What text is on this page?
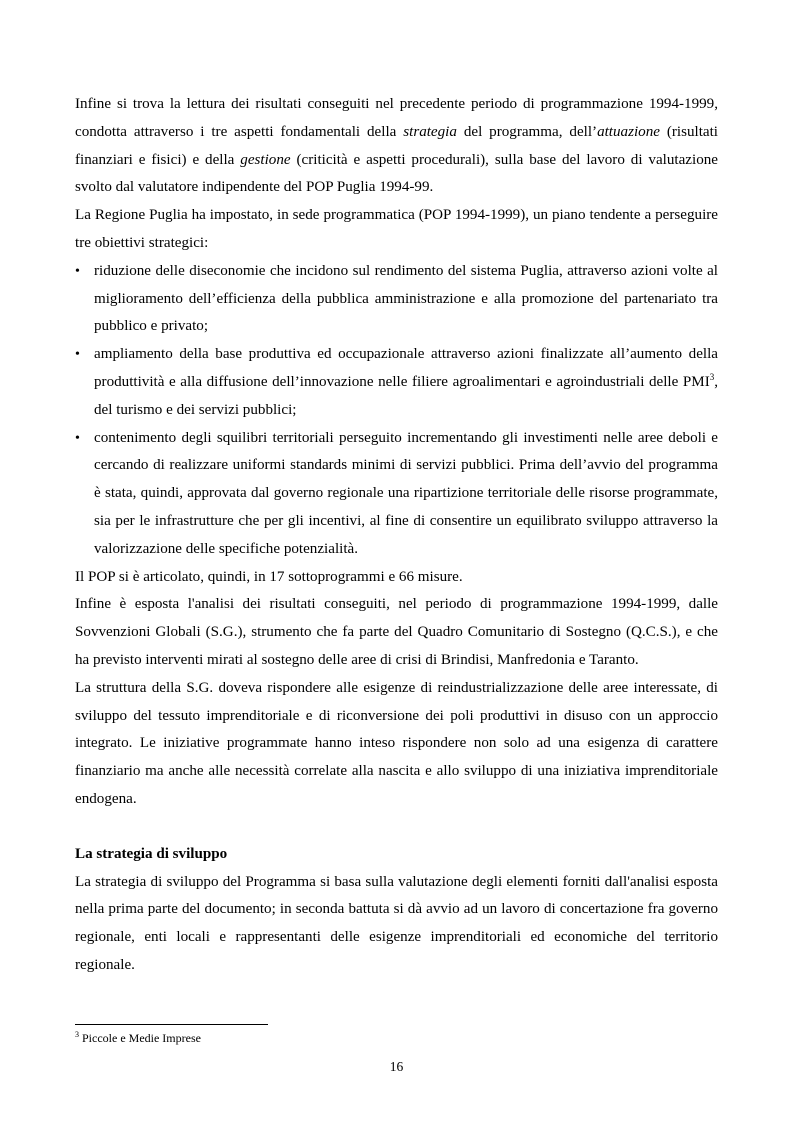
Infine si trova la lettura dei risultati conseguiti nel precedente periodo di programmazione 1994-1999, condotta attraverso i tre aspetti fondamentali della strategia del programma, dell’attuazione (risultati finanziari e fisici) e della gestione (criticità e aspetti procedurali), sulla base del lavoro di valutazione svolto dal valutatore indipendente del POP Puglia 1994-99.

La Regione Puglia ha impostato, in sede programmatica (POP 1994-1999), un piano tendente a perseguire tre obiettivi strategici:

• riduzione delle diseconomie che incidono sul rendimento del sistema Puglia, attraverso azioni volte al miglioramento dell’efficienza della pubblica amministrazione e alla promozione del partenariato tra pubblico e privato;
• ampliamento della base produttiva ed occupazionale attraverso azioni finalizzate all’aumento della produttività e alla diffusione dell’innovazione nelle filiere agroalimentari e agroindustriali delle PMI$^3$, del turismo e dei servizi pubblici;
• contenimento degli squilibri territoriali perseguito incrementando gli investimenti nelle aree deboli e cercando di realizzare uniformi standards minimi di servizi pubblici. Prima dell’avvio del programma è stata, quindi, approvata dal governo regionale una ripartizione territoriale delle risorse programmate, sia per le infrastrutture che per gli incentivi, al fine di consentire un equilibrato sviluppo attraverso la valorizzazione delle specifiche potenzialità.

Il POP si è articolato, quindi, in 17 sottoprogrammi e 66 misure.

Infine è esposta l'analisi dei risultati conseguiti, nel periodo di programmazione 1994-1999, dalle Sovvenzioni Globali (S.G.), strumento che fa parte del Quadro Comunitario di Sostegno (Q.C.S.), e che ha previsto interventi mirati al sostegno delle aree di crisi di Brindisi, Manfredonia e Taranto.

La struttura della S.G. doveva rispondere alle esigenze di reindustrializzazione delle aree interessate, di sviluppo del tessuto imprenditoriale e di riconversione dei poli produttivi in disuso con un approccio integrato. Le iniziative programmate hanno inteso rispondere non solo ad una esigenza di carattere finanziario ma anche alle necessità correlate alla nascita e allo sviluppo di una iniziativa imprenditoriale endogena.

La strategia di sviluppo

La strategia di sviluppo del Programma si basa sulla valutazione degli elementi forniti dall'analisi esposta nella prima parte del documento; in seconda battuta si dà avvio ad un lavoro di concertazione fra governo regionale, enti locali e rappresentanti delle esigenze imprenditoriali ed economiche del territorio regionale.

$^3$ Piccole e Medie Imprese
16
